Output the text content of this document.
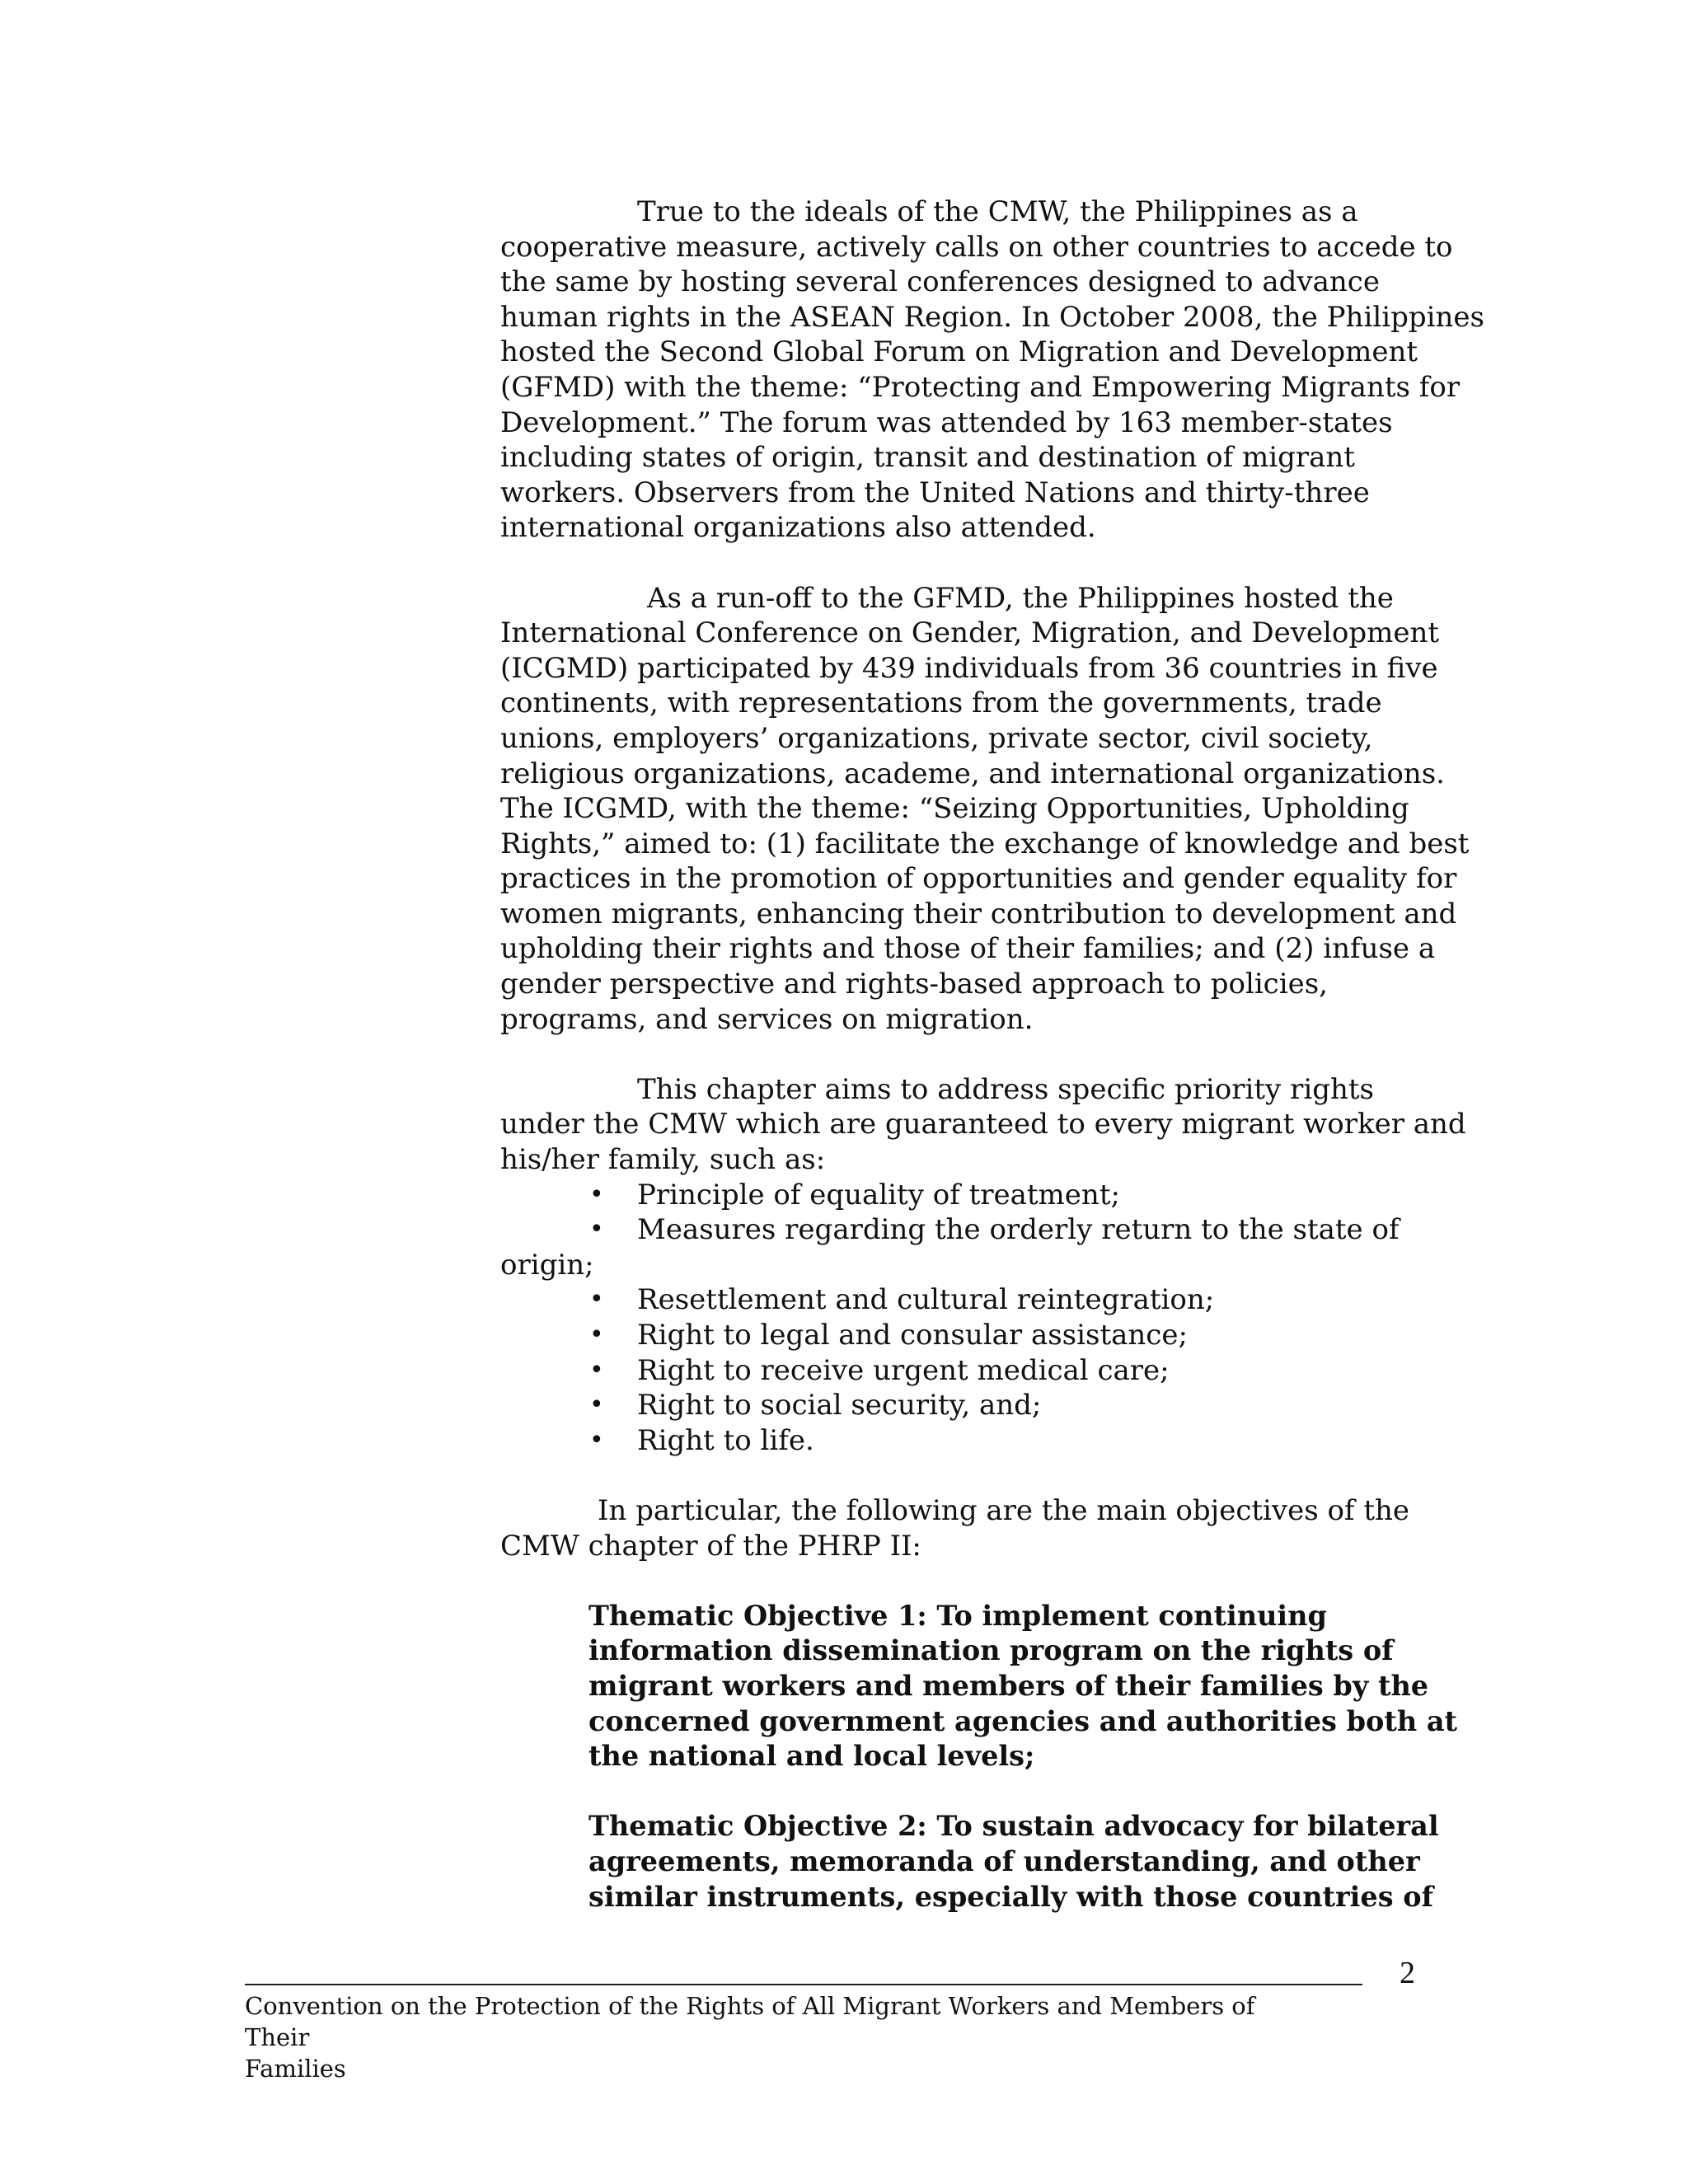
True to the ideals of the CMW, the Philippines as a
cooperative measure, actively calls on other countries to accede to
the same by hosting several conferences designed to advance
human rights in the ASEAN Region. In October 2008, the Philippines
hosted the Second Global Forum on Migration and Development
(GFMD) with the theme: “Protecting and Empowering Migrants for
Development.” The forum was attended by 163 member-states
including states of origin, transit and destination of migrant
workers. Observers from the United Nations and thirty-three
international organizations also attended.
As a run-off to the GFMD, the Philippines hosted the
International Conference on Gender, Migration, and Development
(ICGMD) participated by 439 individuals from 36 countries in five
continents, with representations from the governments, trade
unions, employers’ organizations, private sector, civil society,
religious organizations, academe, and international organizations.
The ICGMD, with the theme: “Seizing Opportunities, Upholding
Rights,” aimed to: (1) facilitate the exchange of knowledge and best
practices in the promotion of opportunities and gender equality for
women migrants, enhancing their contribution to development and
upholding their rights and those of their families; and (2) infuse a
gender perspective and rights-based approach to policies,
programs, and services on migration.
This chapter aims to address specific priority rights
under the CMW which are guaranteed to every migrant worker and
his/her family, such as:
• Principle of equality of treatment;
• Measures regarding the orderly return to the state of
origin;
• Resettlement and cultural reintegration;
• Right to legal and consular assistance;
• Right to receive urgent medical care;
• Right to social security, and;
• Right to life.
In particular, the following are the main objectives of the
CMW chapter of the PHRP II:
Thematic Objective 1: To implement continuing
information dissemination program on the rights of
migrant workers and members of their families by the
concerned government agencies and authorities both at
the national and local levels;
Thematic Objective 2: To sustain advocacy for bilateral
agreements, memoranda of understanding, and other
similar instruments, especially with those countries of
2
Convention on the Protection of the Rights of All Migrant Workers and Members of Their
Families
